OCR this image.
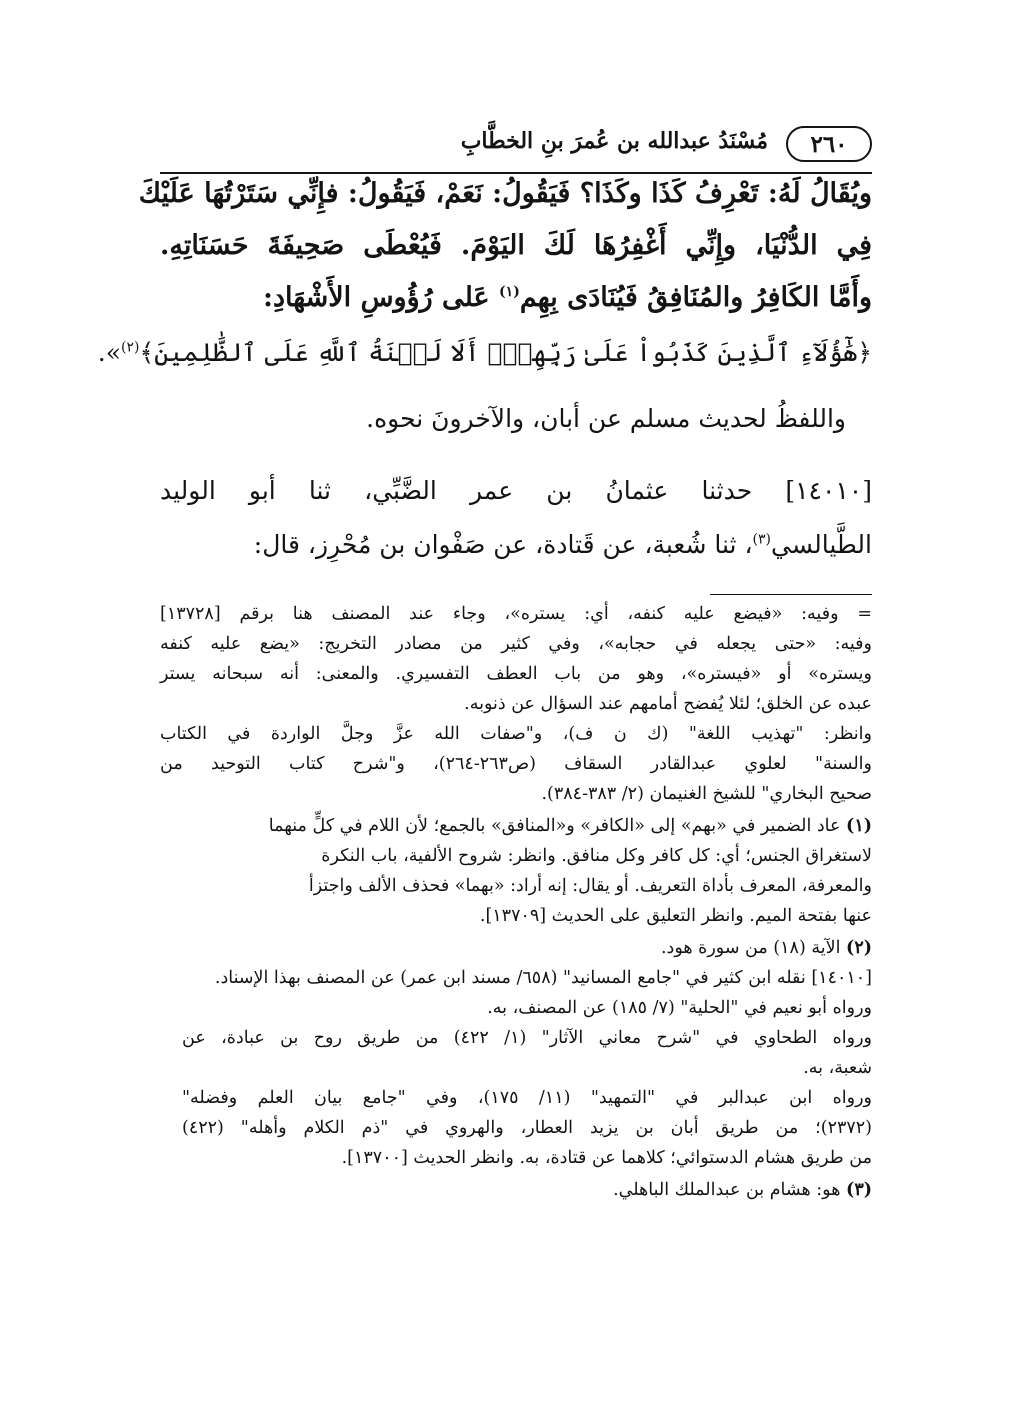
٢٦٠
مُسْنَدُ عبدالله بن عُمرَ بنِ الخطَّابِ
ويُقَالُ لَهُ: تَعْرِفُ كَذَا وكَذَا؟ فَيَقُولُ: نَعَمْ، فَيَقُولُ: فإِنِّي سَتَرْتُهَا عَلَيْكَ
فِي الدُّنْيَا، وإِنِّي أَغْفِرُهَا لَكَ اليَوْمَ. فَيُعْطَى صَحِيفَةَ حَسَنَاتِهِ.
وأَمَّا الكَافِرُ والمُنَافِقُ فَيُنَادَى بِهِم$^{(١)}$ عَلى رُؤُوسِ الأَشْهَادِ:
﴿هَٰٓؤُلَآءِ ٱلَّذِينَ كَذَبُواْ عَلَىٰ رَبِّهِمۡۚ أَلَا لَعۡنَةُ ٱللَّهِ عَلَى ٱلظَّٰلِمِينَ﴾$^{(٢)}$».
واللفظُ لحديث مسلم عن أبان، والآخرونَ نحوه.
[١٤٠١٠] حدثنا عثمانُ بن عمر الضَّبِّي، ثنا أبو الوليد
الطَّيالسي$^{(٣)}$، ثنا شُعبة، عن قَتادة، عن صَفْوان بن مُحْرِز، قال:
= وفيه: «فيضع عليه كنفه، أي: يستره»، وجاء عند المصنف هنا برقم [١٣٧٢٨]
وفيه: «حتى يجعله في حجابه»، وفي كثير من مصادر التخريج: «يضع عليه كنفه
ويستره» أو «فيستره»، وهو من باب العطف التفسيري. والمعنى: أنه سبحانه يستر
عبده عن الخلق؛ لئلا يُفضح أمامهم عند السؤال عن ذنوبه.
وانظر: "تهذيب اللغة" (ك ن ف)، و"صفات الله عزَّ وجلَّ الواردة في الكتاب
والسنة" لعلوي عبدالقادر السقاف (ص٢٦٣-٢٦٤)، و"شرح كتاب التوحيد من
صحيح البخاري" للشيخ الغنيمان (٢/ ٣٨٣-٣٨٤).
(١) عاد الضمير في «بهم» إلى «الكافر» و«المنافق» بالجمع؛ لأن اللام في كلٍّ منهما
لاستغراق الجنس؛ أي: كل كافر وكل منافق. وانظر: شروح الألفية، باب النكرة
والمعرفة، المعرف بأداة التعريف. أو يقال: إنه أراد: «بهما» فحذف الألف واجتزأ
عنها بفتحة الميم. وانظر التعليق على الحديث [١٣٧٠٩].
(٢) الآية (١٨) من سورة هود.
[١٤٠١٠] نقله ابن كثير في "جامع المسانيد" (٦٥٨/ مسند ابن عمر) عن المصنف بهذا الإسناد.
ورواه أبو نعيم في "الحلية" (٧/ ١٨٥) عن المصنف، به.
ورواه الطحاوي في "شرح معاني الآثار" (١/ ٤٢٢) من طريق روح بن عبادة، عن
شعبة، به.
ورواه ابن عبدالبر في "التمهيد" (١١/ ١٧٥)، وفي "جامع بيان العلم وفضله"
(٢٣٧٢)؛ من طريق أبان بن يزيد العطار، والهروي في "ذم الكلام وأهله" (٤٢٢)
من طريق هشام الدستوائي؛ كلاهما عن قتادة، به. وانظر الحديث [١٣٧٠٠].
(٣) هو: هشام بن عبدالملك الباهلي.
